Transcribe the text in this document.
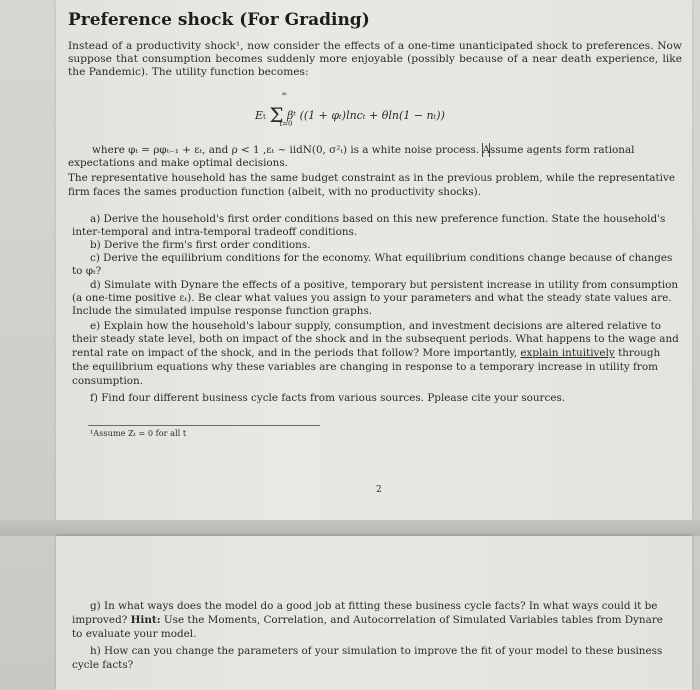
Preference shock (For Grading)
Instead of a productivity shock¹, now consider the effects of a one-time unanticipated shock to preferences. Now suppose that consumption becomes suddenly more enjoyable (possibly because of a near death experience, like the Pandemic). The utility function becomes:
Et Σ
∞
t=0
βᵗ ((1 + φₜ)lncₜ + θln(1 − nₜ))
where φₜ = ρφₜ₋₁ + εₜ, and ρ < 1 ,εₜ ~ iidN(0, σ²ₜ) is a white noise process. Assume agents form rational
expectations and make optimal decisions.
The representative household has the same budget constraint as in the previous problem, while the representative
firm faces the sames production function (albeit, with no productivity shocks).
a) Derive the household's first order conditions based on this new preference function. State the household's
inter-temporal and intra-temporal tradeoff conditions.
b) Derive the firm's first order conditions.
c) Derive the equilibrium conditions for the economy. What equilibrium conditions change because of changes
to φₜ?
d) Simulate with Dynare the effects of a positive, temporary but persistent increase in utility from consumption
(a one-time positive εₜ). Be clear what values you assign to your parameters and what the steady state values are.
Include the simulated impulse response function graphs.
e) Explain how the household's labour supply, consumption, and investment decisions are altered relative to
their steady state level, both on impact of the shock and in the subsequent periods. What happens to the wage and
rental rate on impact of the shock, and in the periods that follow? More importantly, explain intuitively through
the equilibrium equations why these variables are changing in response to a temporary increase in utility from
consumption.
f) Find four different business cycle facts from various sources. Pplease cite your sources.
¹Assume Zₜ = 0 for all t
2
g) In what ways does the model do a good job at fitting these business cycle facts? In what ways could it be
improved? Hint: Use the Moments, Correlation, and Autocorrelation of Simulated Variables tables from Dynare
to evaluate your model.
h) How can you change the parameters of your simulation to improve the fit of your model to these business
cycle facts?
